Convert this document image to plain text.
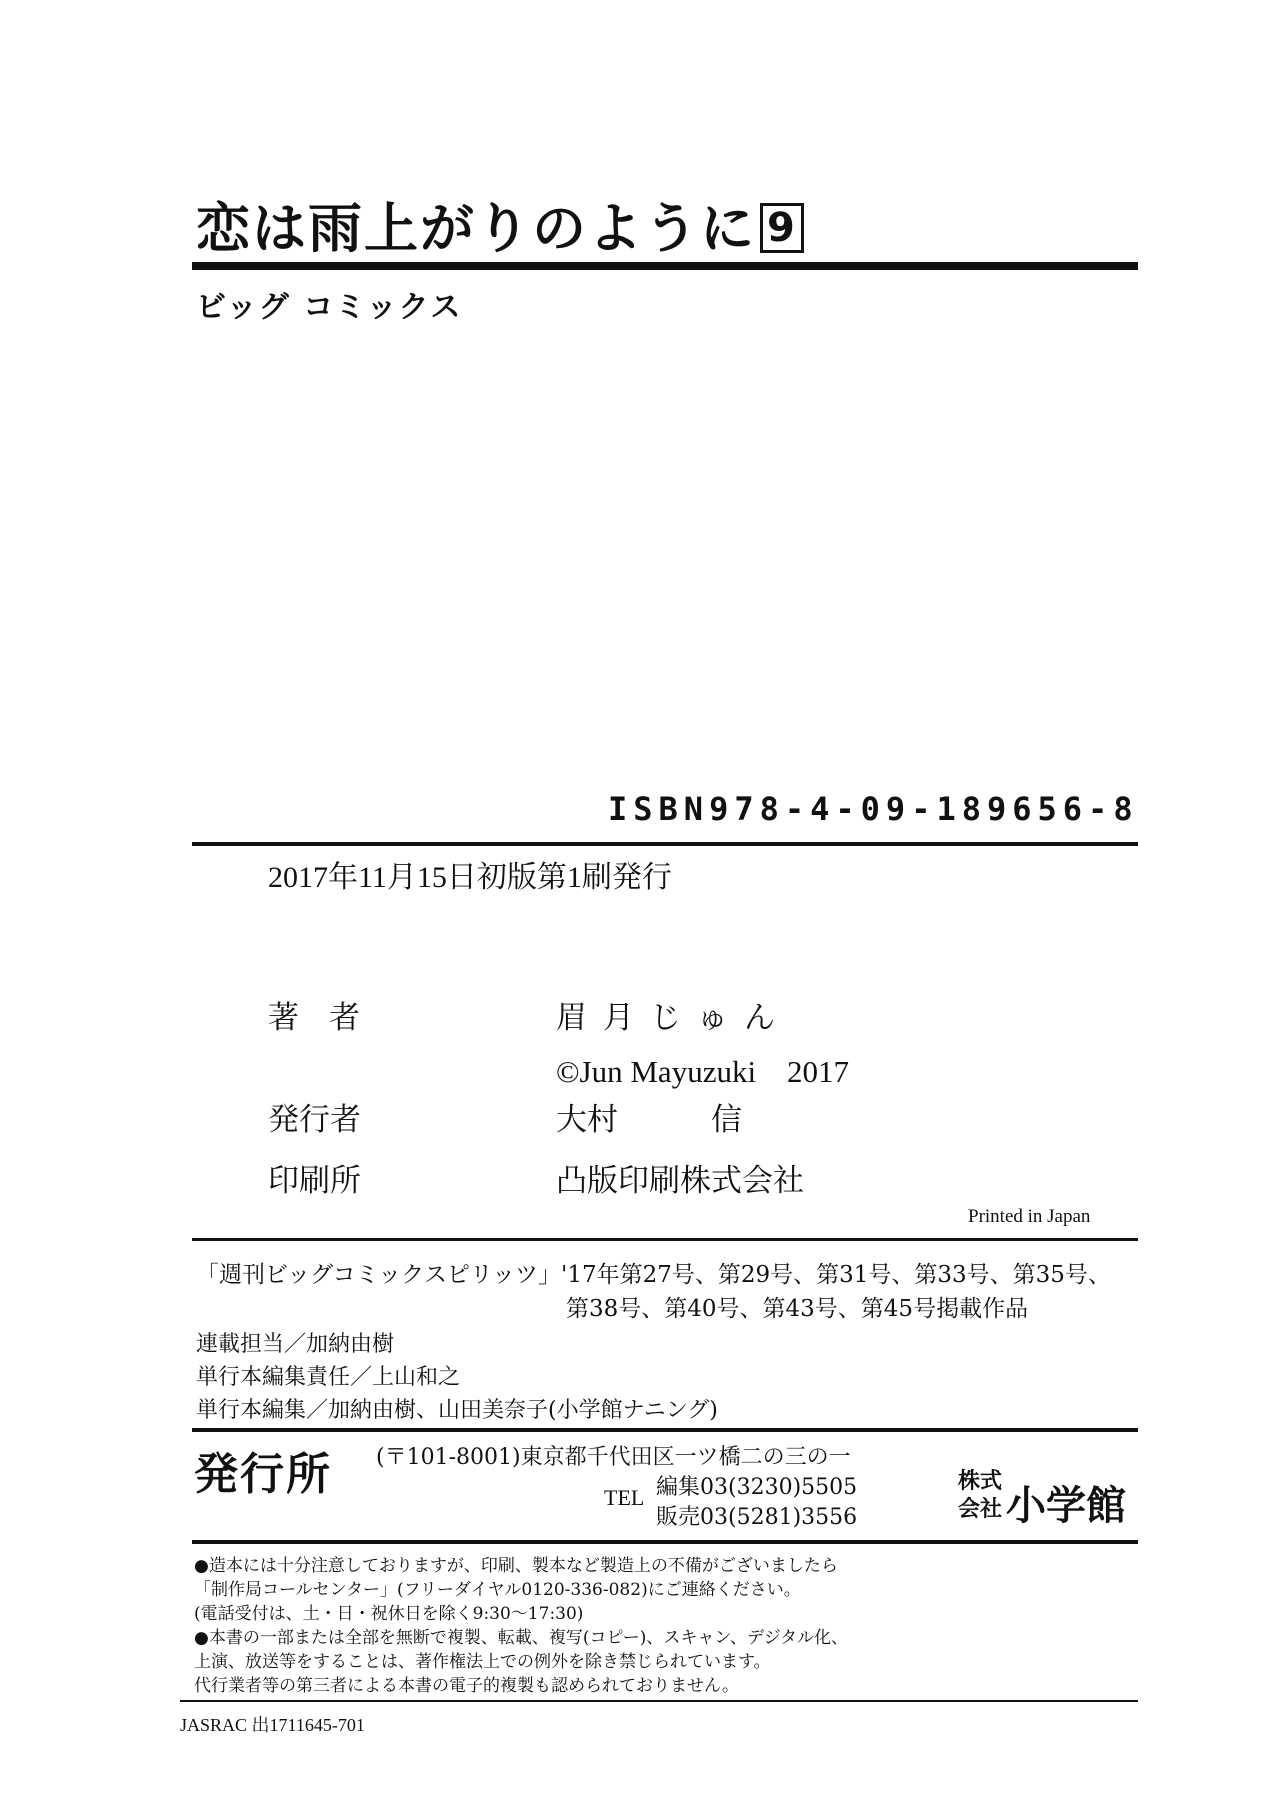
恋は雨上がりのように 9
ビッグ コミックス
ISBN978-4-09-189656-8
2017年11月15日初版第1刷発行
著者	眉月じゅん
©Jun Mayuzuki　2017
発行者	大村　　　信
印刷所	凸版印刷株式会社
Printed in Japan
「週刊ビッグコミックスピリッツ」'17年第27号、第29号、第31号、第33号、第35号、
第38号、第40号、第43号、第45号掲載作品
連載担当／加納由樹
単行本編集責任／上山和之
単行本編集／加納由樹、山田美奈子(小学館ナニング)
発行所 (〒101-8001)東京都千代田区一ツ橋二の三の一
TEL 編集03(3230)5505
販売03(5281)3556
株式
会社 小学館
●造本には十分注意しておりますが、印刷、製本など製造上の不備がございましたら
「制作局コールセンター」(フリーダイヤル0120-336-082)にご連絡ください。
(電話受付は、土・日・祝休日を除く9:30〜17:30)
●本書の一部または全部を無断で複製、転載、複写(コピー)、スキャン、デジタル化、
上演、放送等をすることは、著作権法上での例外を除き禁じられています。
代行業者等の第三者による本書の電子的複製も認められておりません。
JASRAC 出1711645-701
